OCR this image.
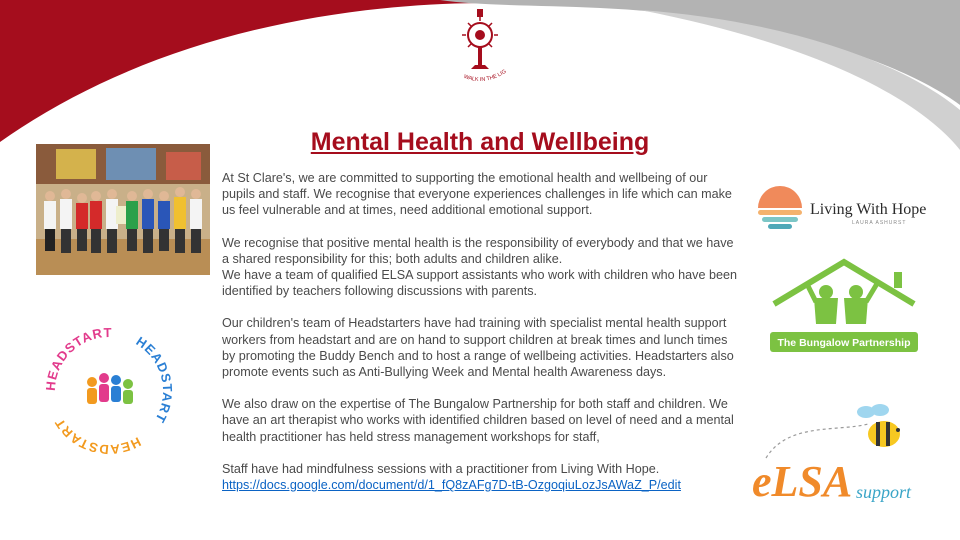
WALK IN THE LIG
Mental Health and Wellbeing

At St Clare's, we are committed to supporting the emotional health and wellbeing of our pupils and staff. We recognise that everyone experiences challenges in life which can make us feel vulnerable and at times, need additional emotional support.

We recognise that positive mental health is the responsibility of everybody and that we have a shared responsibility for this; both adults and children alike.

We have a team of qualified ELSA support assistants who work with children who have been identified by teachers following discussions with parents.

Our children's team of Headstarters have had training with specialist mental health support workers from headstart and are on hand to support children at break times and lunch times by promoting the Buddy Bench and to host a range of wellbeing activities. Headstarters also promote events such as Anti-Bullying Week and Mental health Awareness days.

We also draw on the expertise of The Bungalow Partnership for both staff and children. We have an art therapist who works with identified children based on level of need and a mental health practitioner has held stress management workshops for staff,

Staff have had mindfulness sessions with a practitioner from Living With Hope.
https://docs.google.com/document/d/1_fQ8zAFg7D-tB-OzgoqiuLozJsAWaZ_P/edit
HEADSTART
HEADSTART
HEADSTART
Living With Hope
LAURA ASHURST
The Bungalow Partnership
eLSA support
